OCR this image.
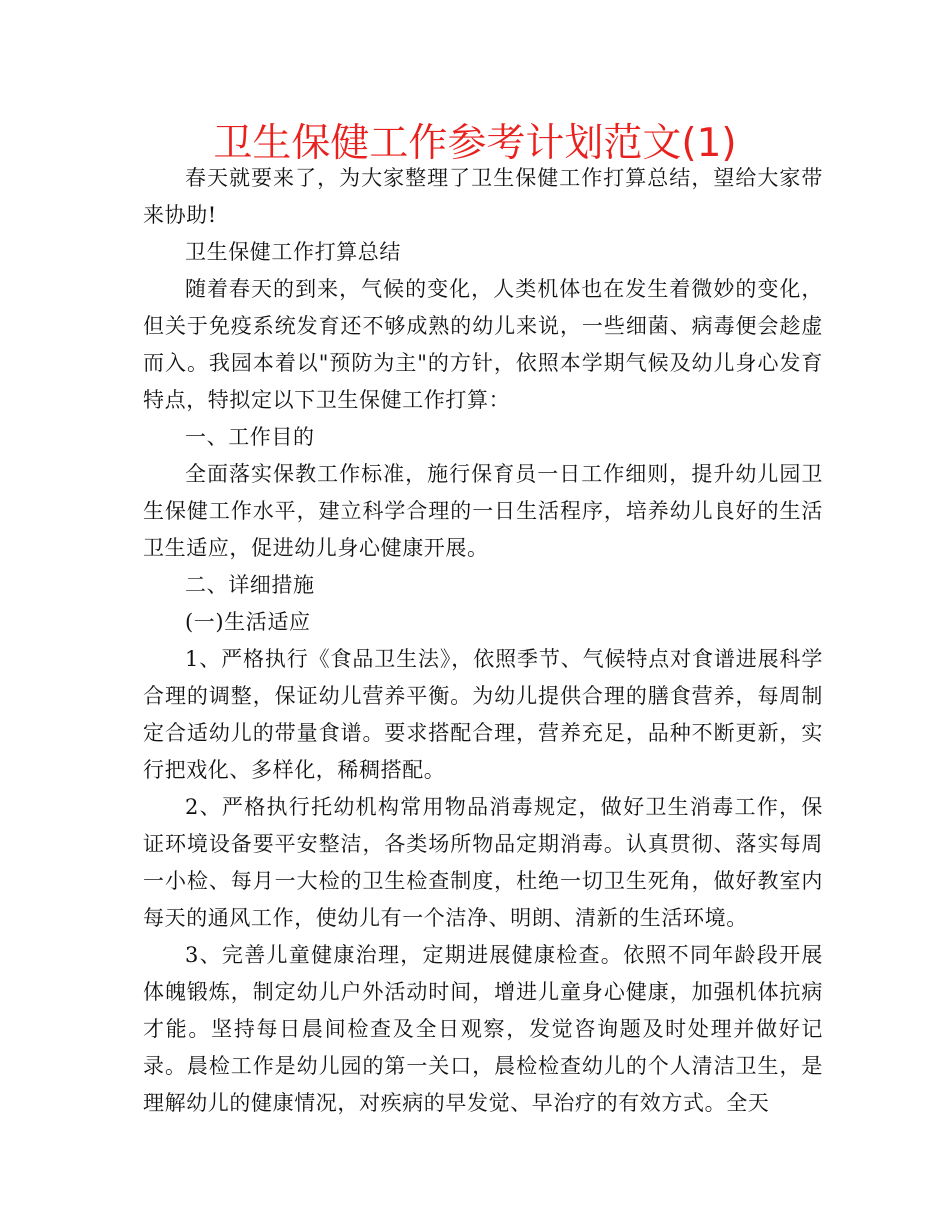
卫生保健工作参考计划范文(1)

春天就要来了，为大家整理了卫生保健工作打算总结，望给大家带来协助!

卫生保健工作打算总结

随着春天的到来，气候的变化，人类机体也在发生着微妙的变化，但关于免疫系统发育还不够成熟的幼儿来说，一些细菌、病毒便会趁虚而入。我园本着以"预防为主"的方针，依照本学期气候及幼儿身心发育特点，特拟定以下卫生保健工作打算：

一、工作目的

全面落实保教工作标准，施行保育员一日工作细则，提升幼儿园卫生保健工作水平，建立科学合理的一日生活程序，培养幼儿良好的生活卫生适应，促进幼儿身心健康开展。

二、详细措施

(一)生活适应

1、严格执行《食品卫生法》，依照季节、气候特点对食谱进展科学合理的调整，保证幼儿营养平衡。为幼儿提供合理的膳食营养，每周制定合适幼儿的带量食谱。要求搭配合理，营养充足，品种不断更新，实行把戏化、多样化，稀稠搭配。

2、严格执行托幼机构常用物品消毒规定，做好卫生消毒工作，保证环境设备要平安整洁，各类场所物品定期消毒。认真贯彻、落实每周一小检、每月一大检的卫生检查制度，杜绝一切卫生死角，做好教室内每天的通风工作，使幼儿有一个洁净、明朗、清新的生活环境。

3、完善儿童健康治理，定期进展健康检查。依照不同年龄段开展体魄锻炼，制定幼儿户外活动时间，增进儿童身心健康，加强机体抗病才能。坚持每日晨间检查及全日观察，发觉咨询题及时处理并做好记录。晨检工作是幼儿园的第一关口，晨检检查幼儿的个人清洁卫生，是理解幼儿的健康情况，对疾病的早发觉、早治疗的有效方式。全天
